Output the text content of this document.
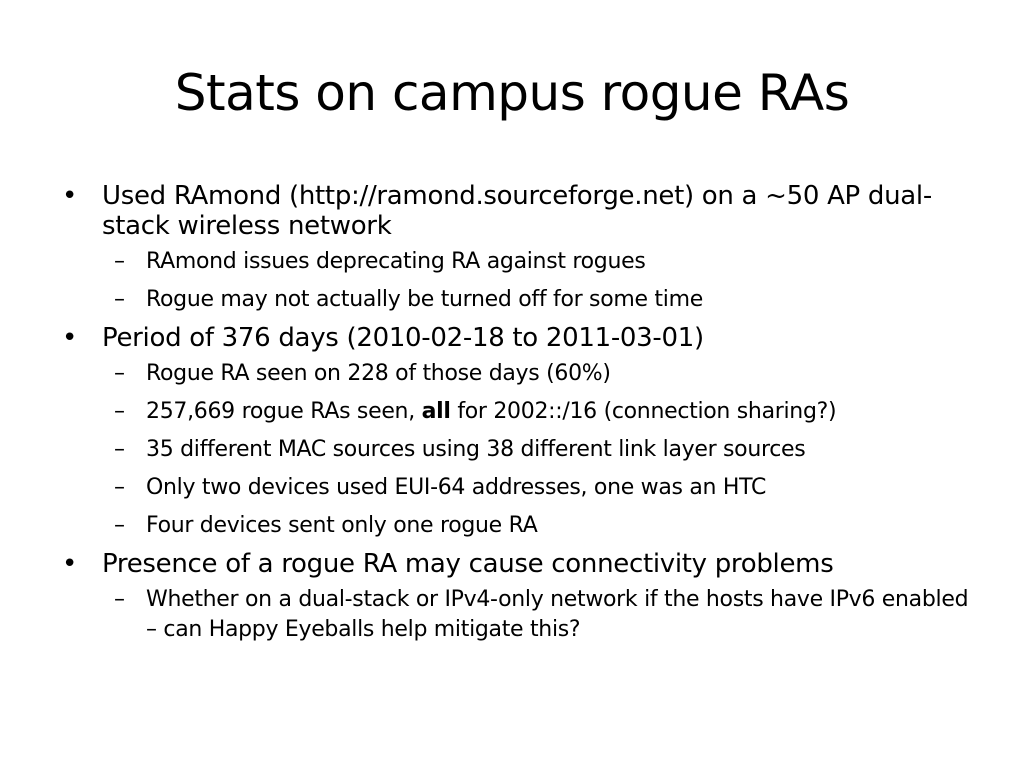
Stats on campus rogue RAs
• Used RAmond (http://ramond.sourceforge.net) on a ~50 AP dual-stack wireless network
– RAmond issues deprecating RA against rogues
– Rogue may not actually be turned off for some time
• Period of 376 days (2010-02-18 to 2011-03-01)
– Rogue RA seen on 228 of those days (60%)
– 257,669 rogue RAs seen, all for 2002::/16 (connection sharing?)
– 35 different MAC sources using 38 different link layer sources
– Only two devices used EUI-64 addresses, one was an HTC
– Four devices sent only one rogue RA
• Presence of a rogue RA may cause connectivity problems
– Whether on a dual-stack or IPv4-only network if the hosts have IPv6 enabled – can Happy Eyeballs help mitigate this?
